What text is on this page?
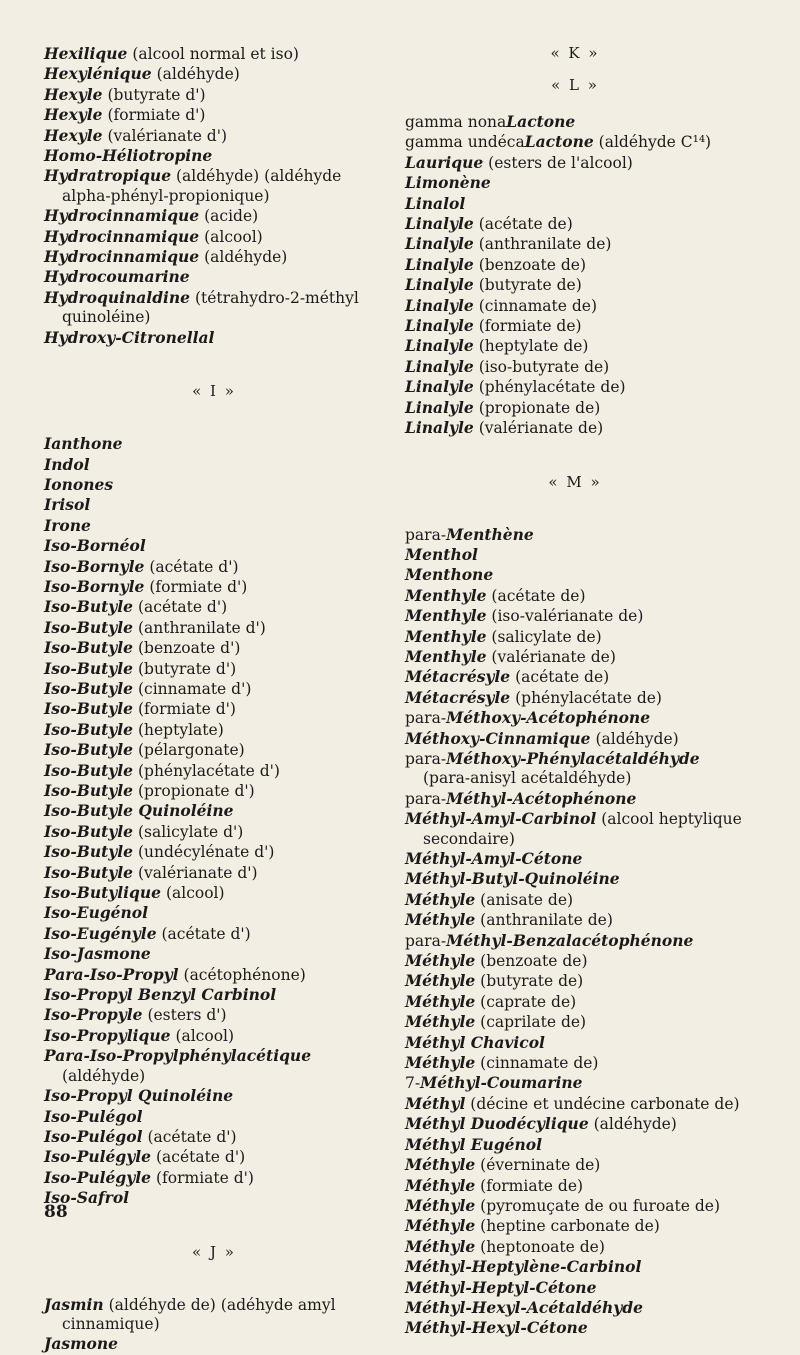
Hexilique (alcool normal et iso)

Hexylénique (aldéhyde)

Hexyle (butyrate d')

Hexyle (formiate d')

Hexyle (valérianate d')

Homo-Héliotropine

Hydratropique (aldéhyde) (aldéhyde alpha-phényl-propionique)

Hydrocinnamique (acide)

Hydrocinnamique (alcool)

Hydrocinnamique (aldéhyde)

Hydrocoumarine

Hydroquinaldine (tétrahydro-2-méthyl quinoléine)

Hydroxy-Citronellal

« I »

Ianthone

Indol

Ionones

Irisol

Irone

Iso-Bornéol

Iso-Bornyle (acétate d')

Iso-Bornyle (formiate d')

Iso-Butyle (acétate d')

Iso-Butyle (anthranilate d')

Iso-Butyle (benzoate d')

Iso-Butyle (butyrate d')

Iso-Butyle (cinnamate d')

Iso-Butyle (formiate d')

Iso-Butyle (heptylate)

Iso-Butyle (pélargonate)

Iso-Butyle (phénylacétate d')

Iso-Butyle (propionate d')

Iso-Butyle Quinoléine

Iso-Butyle (salicylate d')

Iso-Butyle (undécylénate d')

Iso-Butyle (valérianate d')

Iso-Butylique (alcool)

Iso-Eugénol

Iso-Eugényle (acétate d')

Iso-Jasmone

Para-Iso-Propyl (acétophénone)

Iso-Propyl Benzyl Carbinol

Iso-Propyle (esters d')

Iso-Propylique (alcool)

Para-Iso-Propylphénylacétique (aldéhyde)

Iso-Propyl Quinoléine

Iso-Pulégol

Iso-Pulégol (acétate d')

Iso-Pulégyle (acétate d')

Iso-Pulégyle (formiate d')

Iso-Safrol

« J »

Jasmin (aldéhyde de) (adéhyde amyl cinnamique)

Jasmone

« K »
« L »

gamma nonaLactone

gamma undécaLactone (aldéhyde C¹⁴)

Laurique (esters de l'alcool)

Limonène

Linalol

Linalyle (acétate de)

Linalyle (anthranilate de)

Linalyle (benzoate de)

Linalyle (butyrate de)

Linalyle (cinnamate de)

Linalyle (formiate de)

Linalyle (heptylate de)

Linalyle (iso-butyrate de)

Linalyle (phénylacétate de)

Linalyle (propionate de)

Linalyle (valérianate de)

« M »

para-Menthène

Menthol

Menthone

Menthyle (acétate de)

Menthyle (iso-valérianate de)

Menthyle (salicylate de)

Menthyle (valérianate de)

Métacrésyle (acétate de)

Métacrésyle (phénylacétate de)

para-Méthoxy-Acétophénone

Méthoxy-Cinnamique (aldéhyde)

para-Méthoxy-Phénylacétaldéhyde (para-anisyl acétaldéhyde)

para-Méthyl-Acétophénone

Méthyl-Amyl-Carbinol (alcool heptylique secondaire)

Méthyl-Amyl-Cétone

Méthyl-Butyl-Quinoléine

Méthyle (anisate de)

Méthyle (anthranilate de)

para-Méthyl-Benzalacétophénone

Méthyle (benzoate de)

Méthyle (butyrate de)

Méthyle (caprate de)

Méthyle (caprilate de)

Méthyl Chavicol

Méthyle (cinnamate de)

7-Méthyl-Coumarine

Méthyl (décine et undécine carbonate de)

Méthyl Duodécylique (aldéhyde)

Méthyl Eugénol

Méthyle (éverninate de)

Méthyle (formiate de)

Méthyle (pyromuçate de ou furoate de)

Méthyle (heptine carbonate de)

Méthyle (heptonoate de)

Méthyl-Heptylène-Carbinol

Méthyl-Heptyl-Cétone

Méthyl-Hexyl-Acétaldéhyde

Méthyl-Hexyl-Cétone

88
